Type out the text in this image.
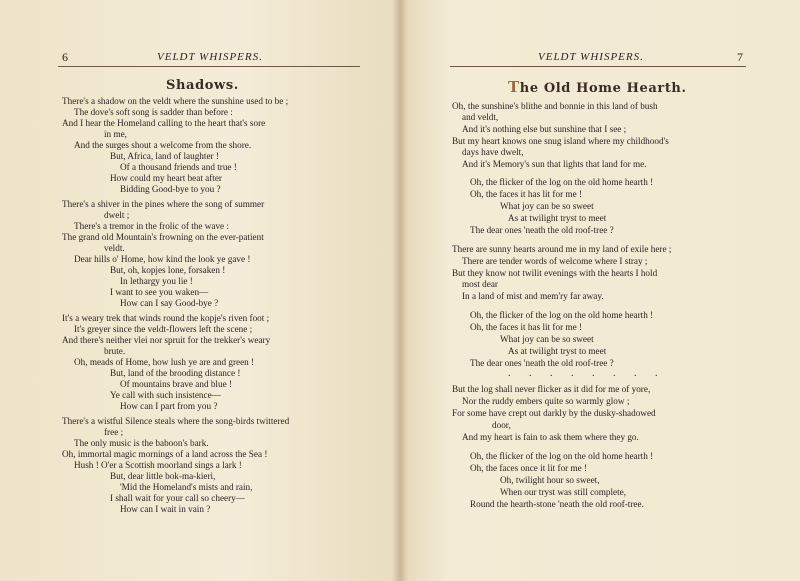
6	VELDT WHISPERS.
Shadows.
There's a shadow on the veldt where the sunshine used to be ;
The dove's soft song is sadder than before :
And I hear the Homeland calling to the heart that's sore
in me,
And the surges shout a welcome from the shore.
But, Africa, land of laughter !
Of a thousand friends and true !
How could my heart beat after
Bidding Good-bye to you ?
There's a shiver in the pines where the song of summer
dwelt ;
There's a tremor in the frolic of the wave :
The grand old Mountain's frowning on the ever-patient
veldt.
Dear hills o' Home, how kind the look ye gave !
But, oh, kopjes lone, forsaken !
In lethargy you lie !
I want to see you waken—
How can I say Good-bye ?
It's a weary trek that winds round the kopje's riven foot ;
It's greyer since the veldt-flowers left the scene ;
And there's neither vlei nor spruit for the trekker's weary
brute.
Oh, meads of Home, how lush ye are and green !
But, land of the brooding distance !
Of mountains brave and blue !
Ye call with such insistence—
How can I part from you ?
There's a wistful Silence steals where the song-birds twittered
free ;
The only music is the baboon's bark.
Oh, immortal magic mornings of a land across the Sea !
Hush ! O'er a Scottish moorland sings a lark !
But, dear little bok-ma-kieri,
'Mid the Homeland's mists and rain,
I shall wait for your call so cheery—
How can I wait in vain ?
VELDT WHISPERS.	7
The Old Home Hearth.
Oh, the sunshine's blithe and bonnie in this land of bush
and veldt,
And it's nothing else but sunshine that I see ;
But my heart knows one snug island where my childhood's
days have dwelt,
And it's Memory's sun that lights that land for me.
Oh, the flicker of the log on the old home hearth !
Oh, the faces it has lit for me !
What joy can be so sweet
As at twilight tryst to meet
The dear ones 'neath the old roof-tree ?
There are sunny hearts around me in my land of exile here ;
There are tender words of welcome where I stray ;
But they know not twilit evenings with the hearts I hold
most dear
In a land of mist and mem'ry far away.
Oh, the flicker of the log on the old home hearth !
Oh, the faces it has lit for me !
What joy can be so sweet
As at twilight tryst to meet
The dear ones 'neath the old roof-tree ?
. . . . . . . .
But the log shall never flicker as it did for me of yore,
Nor the ruddy embers quite so warmly glow ;
For some have crept out darkly by the dusky-shadowed
door,
And my heart is fain to ask them where they go.
Oh, the flicker of the log on the old home hearth !
Oh, the faces once it lit for me !
Oh, twilight hour so sweet,
When our tryst was still complete,
Round the hearth-stone 'neath the old roof-tree.
